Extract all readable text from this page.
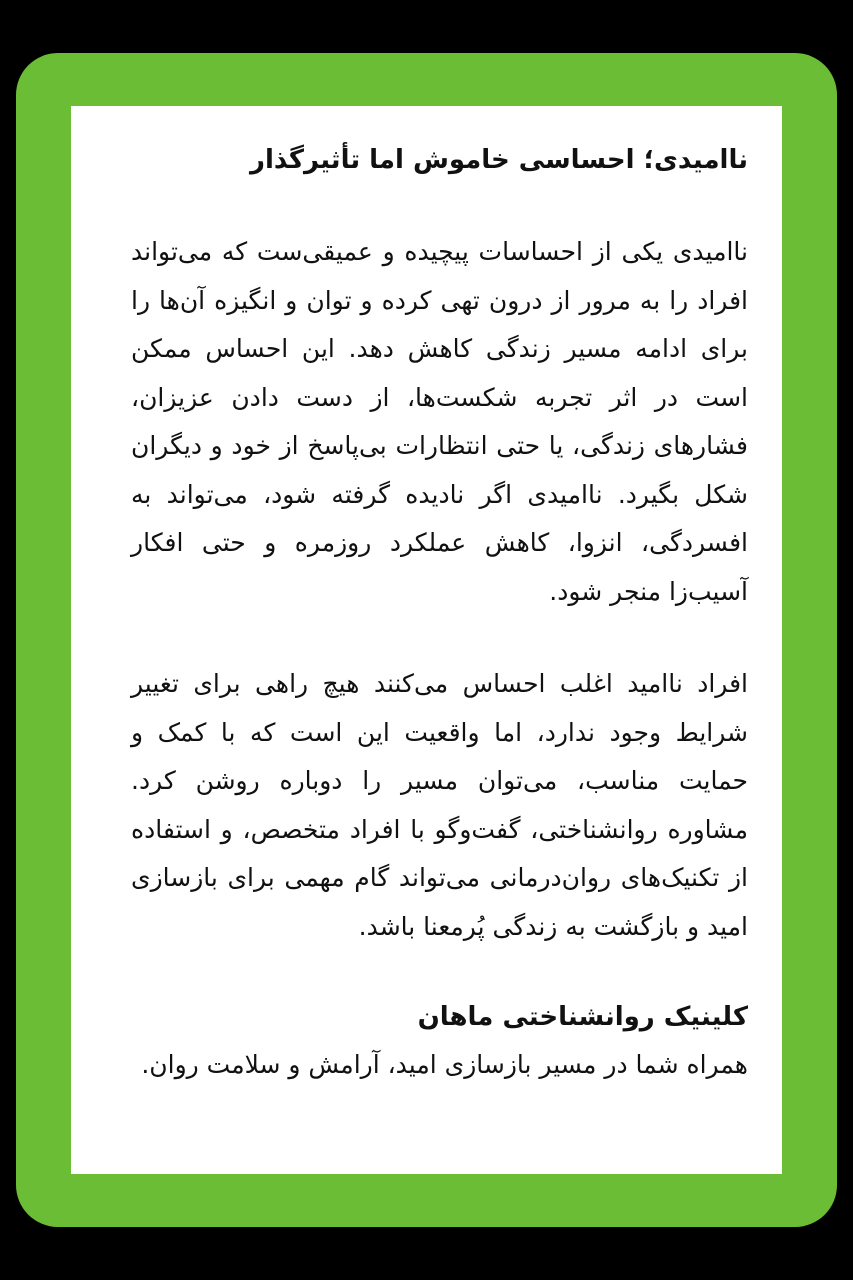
ناامیدی؛ احساسی خاموش اما تأثیرگذار

ناامیدی یکی از احساسات پیچیده و عمیقی‌ست که می‌تواند افراد را به مرور از درون تهی کرده و توان و انگیزه آن‌ها را برای ادامه مسیر زندگی کاهش دهد. این احساس ممکن است در اثر تجربه شکست‌ها، از دست دادن عزیزان، فشارهای زندگی، یا حتی انتظارات بی‌پاسخ از خود و دیگران شکل بگیرد. ناامیدی اگر نادیده گرفته شود، می‌تواند به افسردگی، انزوا، کاهش عملکرد روزمره و حتی افکار آسیب‌زا منجر شود.

افراد ناامید اغلب احساس می‌کنند هیچ راهی برای تغییر شرایط وجود ندارد، اما واقعیت این است که با کمک و حمایت مناسب، می‌توان مسیر را دوباره روشن کرد. مشاوره روانشناختی، گفت‌وگو با افراد متخصص، و استفاده از تکنیک‌های روان‌درمانی می‌تواند گام مهمی برای بازسازی امید و بازگشت به زندگی پُرمعنا باشد.

کلینیک روانشناختی ماهان
همراه شما در مسیر بازسازی امید، آرامش و سلامت روان.
